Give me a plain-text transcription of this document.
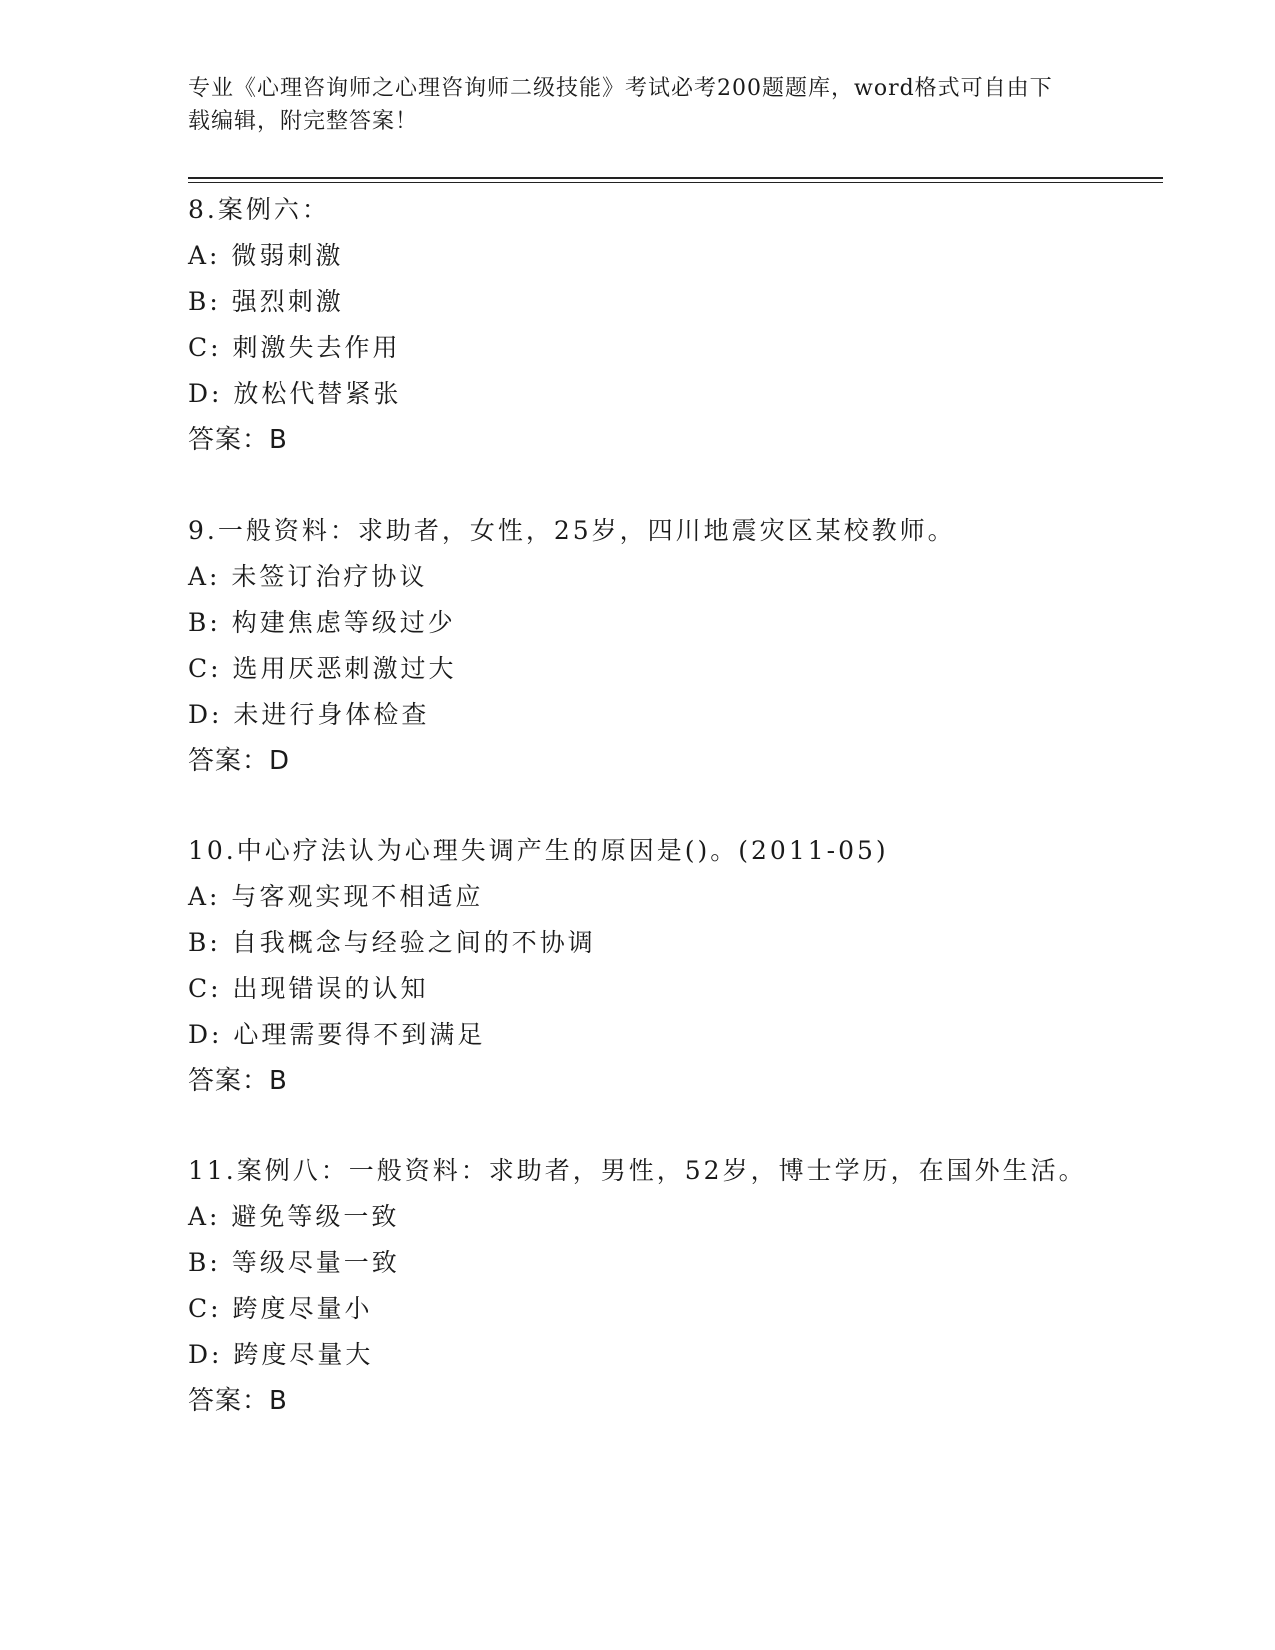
专业《心理咨询师之心理咨询师二级技能》考试必考200题题库，word格式可自由下载编辑，附完整答案！
8.案例六：
A: 微弱刺激
B: 强烈刺激
C: 刺激失去作用
D: 放松代替紧张
答案：B
9.一般资料：求助者，女性，25岁，四川地震灾区某校教师。
A: 未签订治疗协议
B: 构建焦虑等级过少
C: 选用厌恶刺激过大
D: 未进行身体检查
答案：D
10.中心疗法认为心理失调产生的原因是()。(2011-05)
A: 与客观实现不相适应
B: 自我概念与经验之间的不协调
C: 出现错误的认知
D: 心理需要得不到满足
答案：B
11.案例八：一般资料：求助者，男性，52岁，博士学历，在国外生活。
A: 避免等级一致
B: 等级尽量一致
C: 跨度尽量小
D: 跨度尽量大
答案：B
